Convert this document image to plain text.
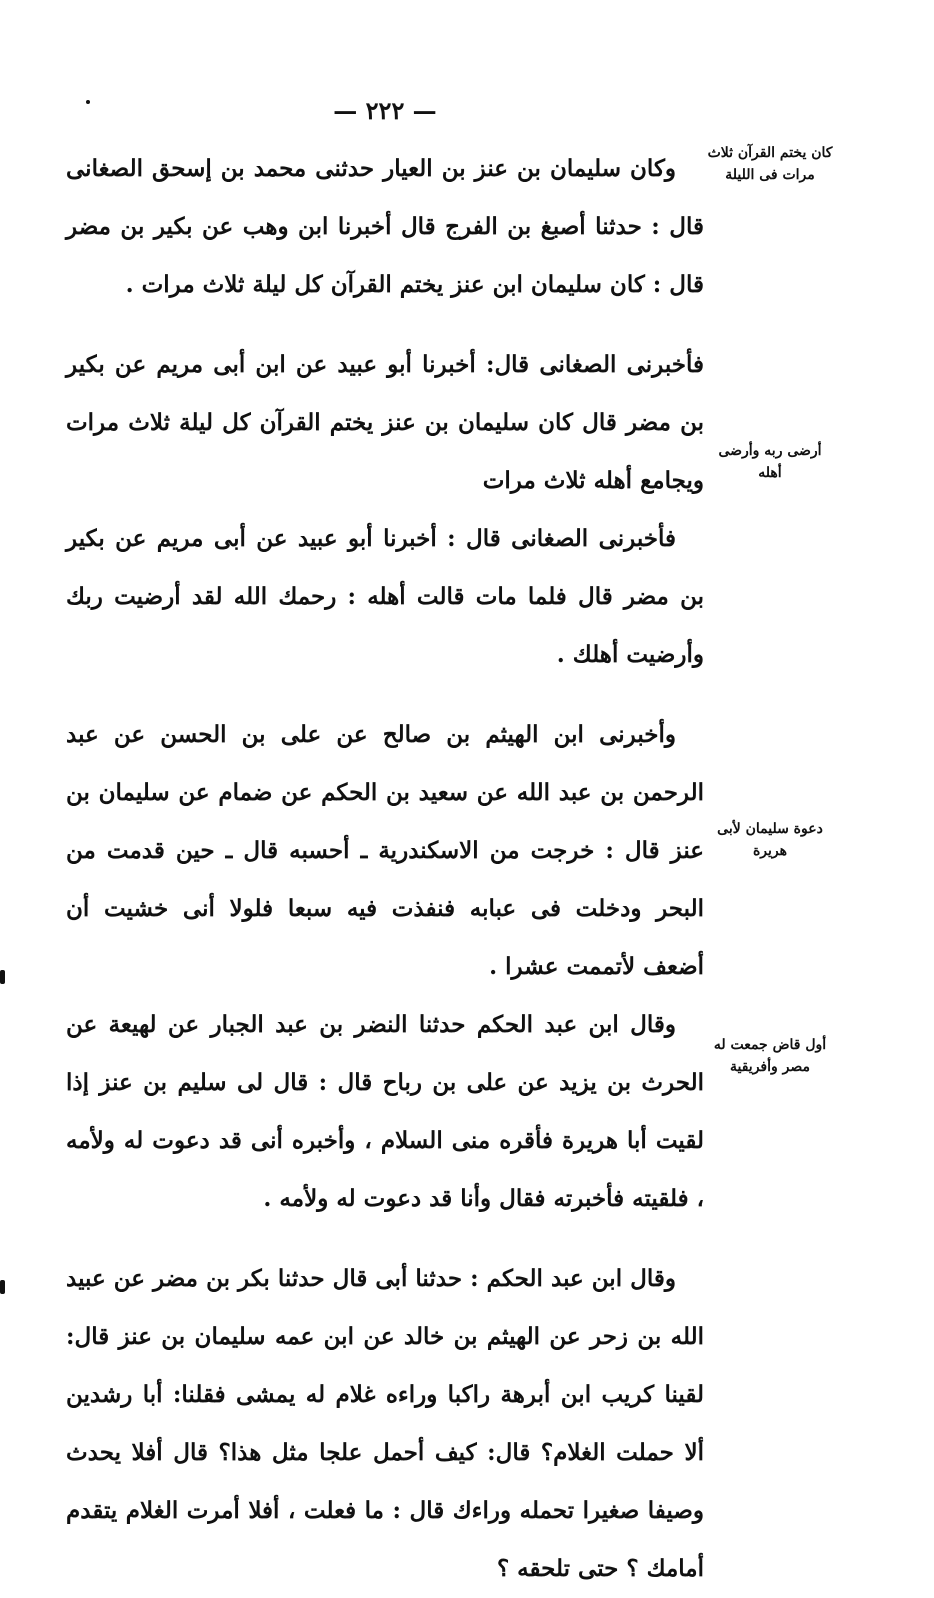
— ٢٢٢ —
كان يختم القرآن ثلاث مرات فى الليلة
أرضى ربه وأرضى أهله
دعوة سليمان لأبى هريرة
أول قاض جمعت له مصر وأفريقية

وكان سليمان بن عنز بن العيار حدثنى محمد بن إسحق الصغانى قال : حدثنا أصبغ بن الفرج قال أخبرنا ابن وهب عن بكير بن مضر قال : كان سليمان ابن عنز يختم القرآن كل ليلة ثلاث مرات .

فأخبرنى الصغانى قال: أخبرنا أبو عبيد عن ابن أبى مريم عن بكير بن مضر قال كان سليمان بن عنز يختم القرآن كل ليلة ثلاث مرات ويجامع أهله ثلاث مرات

فأخبرنى الصغانى قال : أخبرنا أبو عبيد عن أبى مريم عن بكير بن مضر قال فلما مات قالت أهله : رحمك الله لقد أرضيت ربك وأرضيت أهلك .

وأخبرنى ابن الهيثم بن صالح عن على بن الحسن عن عبد الرحمن بن عبد الله عن سعيد بن الحكم عن ضمام عن سليمان بن عنز قال : خرجت من الاسكندرية ـ أحسبه قال ـ حين قدمت من البحر ودخلت فى عبابه فنفذت فيه سبعا فلولا أنى خشيت أن أضعف لأتممت عشرا .

وقال ابن عبد الحكم حدثنا النضر بن عبد الجبار عن لهيعة عن الحرث بن يزيد عن على بن رباح قال : قال لى سليم بن عنز إذا لقيت أبا هريرة فأقره منى السلام ، وأخبره أنى قد دعوت له ولأمه ، فلقيته فأخبرته فقال وأنا قد دعوت له ولأمه .

وقال ابن عبد الحكم : حدثنا أبى قال حدثنا بكر بن مضر عن عبيد الله بن زحر عن الهيثم بن خالد عن ابن عمه سليمان بن عنز قال: لقينا كريب ابن أبرهة راكبا وراءه غلام له يمشى فقلنا: أبا رشدين ألا حملت الغلام؟ قال: كيف أحمل علجا مثل هذا؟ قال أفلا يحدث وصيفا صغيرا تحمله وراءك قال : ما فعلت ، أفلا أمرت الغلام يتقدم أمامك ؟ حتى تلحقه ؟
